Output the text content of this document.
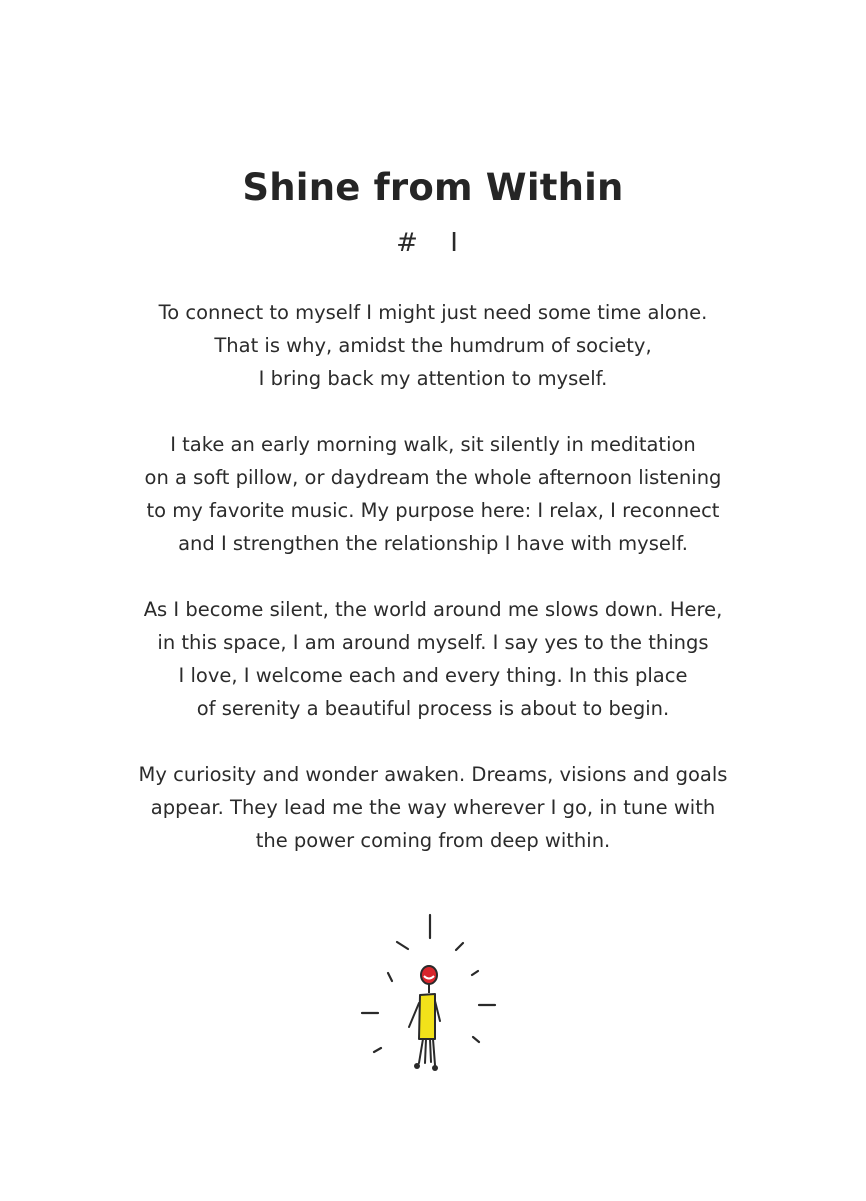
Shine from Within
# I
To connect to myself I might just need some time alone.
That is why, amidst the humdrum of society,
I bring back my attention to myself.
I take an early morning walk, sit silently in meditation
on a soft pillow, or daydream the whole afternoon listening
to my favorite music. My purpose here: I relax, I reconnect
and I strengthen the relationship I have with myself.
As I become silent, the world around me slows down. Here,
in this space, I am around myself. I say yes to the things
I love, I welcome each and every thing. In this place
of serenity a beautiful process is about to begin.
My curiosity and wonder awaken. Dreams, visions and goals
appear. They lead me the way wherever I go, in tune with
the power coming from deep within.
